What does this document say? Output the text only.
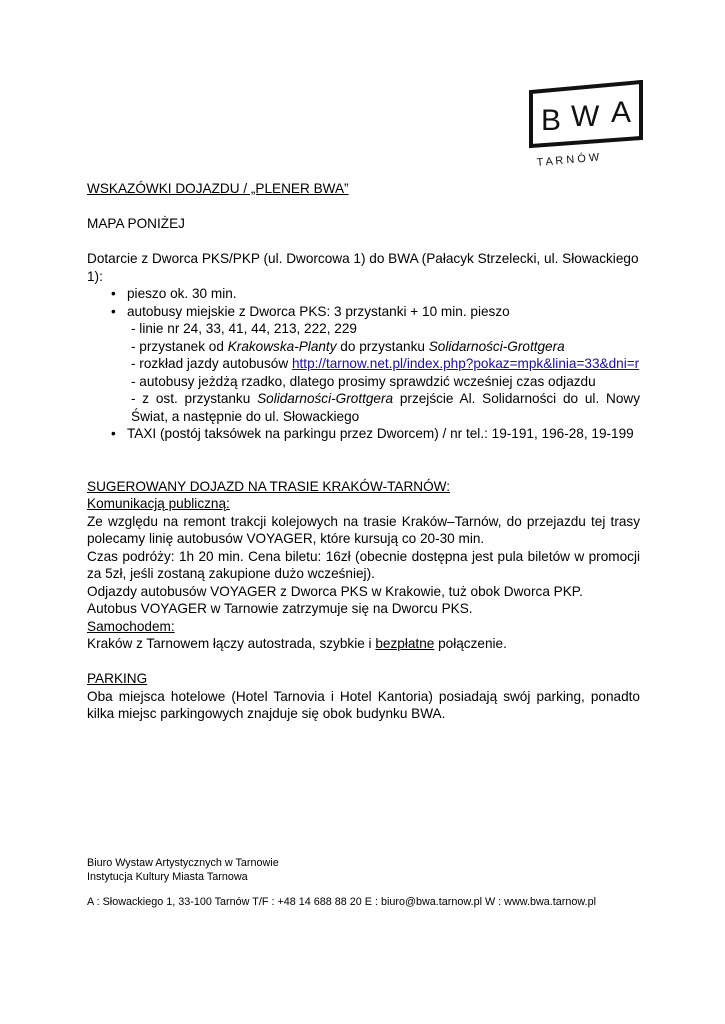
B W A
T A R N Ó W

WSKAZÓWKI DOJAZDU / „PLENER BWA”

MAPA PONIŻEJ

Dotarcie z Dworca PKS/PKP (ul. Dworcowa 1) do BWA (Pałacyk Strzelecki, ul. Słowackiego 1):

• pieszo ok. 30 min.
• autobusy miejskie z Dworca PKS: 3 przystanki + 10 min. pieszo
- linie nr 24, 33, 41, 44, 213, 222, 229
- przystanek od Krakowska-Planty do przystanku Solidarności-Grottgera
- rozkład jazdy autobusów http://tarnow.net.pl/index.php?pokaz=mpk&linia=33&dni=r
- autobusy jeżdżą rzadko, dlatego prosimy sprawdzić wcześniej czas odjazdu
- z ost. przystanku Solidarności-Grottgera przejście Al. Solidarności do ul. Nowy Świat, a następnie do ul. Słowackiego
• TAXI (postój taksówek na parkingu przez Dworcem) / nr tel.: 19-191, 196-28, 19-199

SUGEROWANY DOJAZD NA TRASIE KRAKÓW-TARNÓW:

Komunikacją publiczną:

Ze względu na remont trakcji kolejowych na trasie Kraków–Tarnów, do przejazdu tej trasy polecamy linię autobusów VOYAGER, które kursują co 20-30 min.

Czas podróży: 1h 20 min. Cena biletu: 16zł (obecnie dostępna jest pula biletów w promocji za 5zł, jeśli zostaną zakupione dużo wcześniej).

Odjazdy autobusów VOYAGER z Dworca PKS w Krakowie, tuż obok Dworca PKP.

Autobus VOYAGER w Tarnowie zatrzymuje się na Dworcu PKS.

Samochodem:

Kraków z Tarnowem łączy autostrada, szybkie i bezpłatne połączenie.

PARKING

Oba miejsca hotelowe (Hotel Tarnovia i Hotel Kantoria) posiadają swój parking, ponadto kilka miejsc parkingowych znajduje się obok budynku BWA.

Biuro Wystaw Artystycznych w Tarnowie
Instytucja Kultury Miasta Tarnowa
A : Słowackiego 1, 33-100 Tarnów T/F : +48 14 688 88 20 E : biuro@bwa.tarnow.pl W : www.bwa.tarnow.pl
